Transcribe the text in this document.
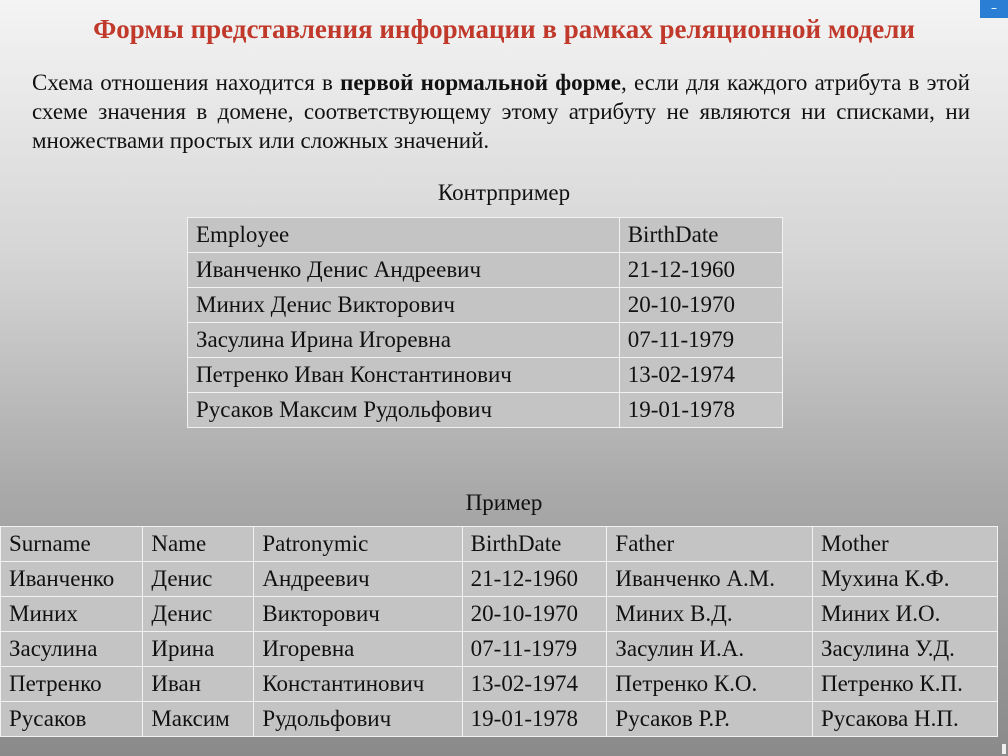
–
Формы представления информации в рамках реляционной модели

Схема отношения находится в первой нормальной форме, если для каждого атрибута в этой схеме значения в домене, соответствующему этому атрибуту не являются ни списками, ни множествами простых или сложных значений.

Контрпример
Employee	BirthDate
Иванченко Денис Андреевич	21-12-1960
Миних Денис Викторович	20-10-1970
Засулина Ирина Игоревна	07-11-1979
Петренко Иван Константинович	13-02-1974
Русаков Максим Рудольфович	19-01-1978
Пример
Surname	Name	Patronymic	BirthDate	Father	Mother
Иванченко	Денис	Андреевич	21-12-1960	Иванченко А.М.	Мухина К.Ф.
Миних	Денис	Викторович	20-10-1970	Миних В.Д.	Миних И.О.
Засулина	Ирина	Игоревна	07-11-1979	Засулин И.А.	Засулина У.Д.
Петренко	Иван	Константинович	13-02-1974	Петренко К.О.	Петренко К.П.
Русаков	Максим	Рудольфович	19-01-1978	Русаков Р.Р.	Русакова Н.П.
